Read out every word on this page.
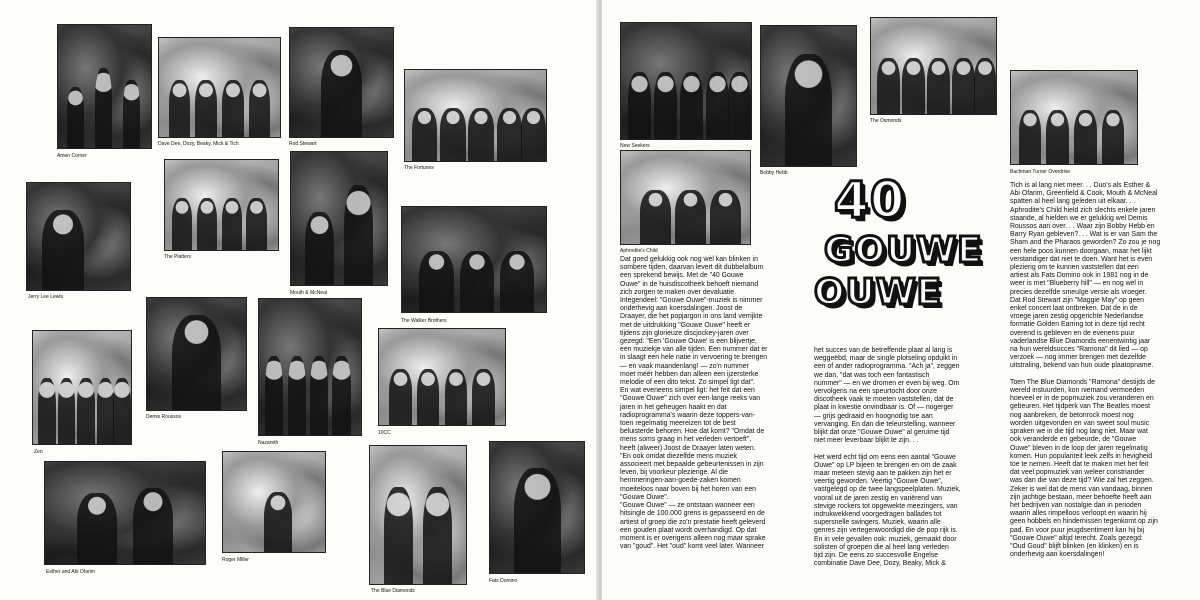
Amen Corner
Dave Dee, Dozy, Beaky, Mick & Tich	Rod Stewart
The Fortunes
Jerry Lee Lewis
The Platters
Mouth & McNeal
The Walker Brothers
Zen
Demis Roussos
Nazareth
10CC
Esther and Abi Ofarim
Roger Miller
The Blue Diamonds
Fats Domino
New Seekers
Bobby Hebb
The Osmonds
Bachman Turner Overdrive
Aphrodite's Child
40
GOUWE
OUWE
Dat goed gelukkig ook nog wèl kan blinken in
sombere tijden, daarvan levert dit dubbelalbum
een sprekend bewijs. Met de "40 Gouwe
Ouwe" in de huisdiscotheek behoeft niemand
zich zorgen te maken over devaluatie.
Integendeel: "Gouwe Ouwe"-muziek is nimmer
onderhevig aan koersdalingen. Joost de
Draayer, die het popjargon in ons land verrijkte
met de uitdrukking "Gouwe Ouwe" heeft er
tijdens zijn glorieuze discjockey-jaren over
gezegd: "Een 'Gouwe Ouwe' is een blijvertje,
een muziekje van alle tijden. Een nummer dat er
in slaagt een hele natie in vervoering te brengen
— en vaak maandenlang! — zo'n nummer
moet méér hebben dan alleen een ijzersterke
melodie of een dito tekst. Zo simpel ligt dat".
En wat eveneens simpel ligt: het feit dat een
"Gouwe Ouwe" zich over een lange reeks van
jaren in het geheugen haakt en dat
radioprogramma's waarin deze toppers-van-
toen regelmatig meereizen tot de best
beluisterde behoren. Hoe dat komt? "Omdat de
mens soms graag in het verleden vertoeft",
heeft (alweer) Joost de Draayer laten weten.
"En ook omdat diezelfde mens muziek
associeert met bepaalde gebeurtenissen in zijn
leven, bij voorkeur plezierige. Al die
herinneringen-aan-goede-zaken komen
moeiteloos naar boven bij het horen van een
"Gouwe Ouwe".
"Gouwe Ouwe" — ze ontstaan wanneer een
hitsingle de 100.000 grens is gepasseerd en de
artiest of groep die zo'n prestatie heeft geleverd
een gouden plaat wordt overhandigd. Op dat
moment is er overigens alleen nog maar sprake
van "goud". Het "oud" komt veel later. Wanneer
het succes van de betreffende plaat al lang is
weggeëbd, maar de single plotseling opduikt in
een of ander radioprogramma. "Ach ja", zeggen
we dan, "dat was toch een fantastisch
nummer" — en we dromen er even bij weg. Om
vervolgens na een speurtocht door onze
discotheek vaak te moeten vaststellen, dat de
plaat in kwestie onvindbaar is. Of — nogerger
— grijs gedraaid en hoognodig toe aan
vervanging. En dan die teleurstelling, wanneer
blijkt dat onze "Gouwe Ouwe" al geruime tijd
niet meer leverbaar blijkt te zijn. . .

Het werd echt tijd om eens een aantal "Gouwe
Ouwe" op LP bijeen te brengen en om de zaak
maar meteen stevig aan te pakken zijn het er
veertig geworden. Veertig "Gouwe Ouwe",
vastgelegd op de twee langspeelplaten. Muziek,
vooral uit de jaren zestig en variërend van
stevige rockers tot opgewekte meezingers, van
indrukwekkend voorgedragen ballades tot
supersnelle swingers. Muziek, waarin alle
genres zijn vertegenwoordigd die de pop rijk is.
En in vele gevallen ook: muziek, gemaakt door
solisten of groepen die al heel lang verleden
tijd zijn. De eens zo succesvolle Engelse
combinatie Dave Dee, Dozy, Beaky, Mick &
Tich is al lang niet meer. . . Duo's als Esther &
Abi Ofarim, Greenfield & Cook, Mouth & McNeal
spatten al heel lang geleden uit elkaar. . .
Aphrodite's Child hield zich slechts enkele jaren
staande, al hielden we er gelukkig wel Demis
Roussos aan over. . . Waar zijn Bobby Hebb en
Barry Ryan gebleven?. . . Wat is er van Sam the
Sham and the Pharaos geworden? Zo zou je nog
een hele poos kunnen doorgaan, maar het lijkt
verstandiger dat niet te doen. Want het is even
plezierig om te kunnen vaststellen dat een
artiest als Fats Domino ook in 1981 nog in de
weer is met "Blueberry hill" — en nog wel in
precies dezelfde smeuïge versie als vroeger.
Dat Rod Stewart zijn "Maggie May" op geen
enkel concert laat ontbreken. Dat de in de
vroege jaren zestig opgerichte Nederlandse
formatie Golden Earring tot in deze tijd recht
overend is gebleven en de evenens puur
vaderlandse Blue Diamonds eenentwintig jaar
na hun wereldsucces "Ramona" dit lied — op
verzoek — nog immer brengen met dezelfde
uitstraling, bekend van hun oude plaatopname.

Toen The Blue Diamonds "Ramona" destijds de
wereld instuurden, kon niemand vermoeden
hoeveel er in de popmuziek zou veranderen en
gebeuren. Het tijdperk van The Beatles moest
nog aanbreken, de betonrock moest nog
worden uitgevonden en van sweet soul music
spraken we in die tijd nog lang niet. Maar wat
ook veranderde en gebeurde, de "Gouwe
Ouwe" bleven in de loop der jaren regelmatig
komen. Hun populariteit leek zelfs in hevigheid
toe te nemen. Heeft dat te maken met het feit
dat veel popmuziek van weleer constriander
was dan die van deze tijd? Wie zal het zeggen.
Zeker is wel dat de mens van vandaag, binnen
zijn jachtige bestaan, meer behoefte heeft aan
het bedrijven van nostalgie dan in perioden
waarin alles rimpelloos verloopt en waarin hij
geen hobbels en hindernissen tegenkomt op zijn
pad. En voor puur jeugdsentiment kan hij bij
"Gouwe Ouwe" altijd terecht. Zoals gezegd:
"Oud Goud" blijft blinken (en klinken) en is
onderhevig aan koersdalingen!
